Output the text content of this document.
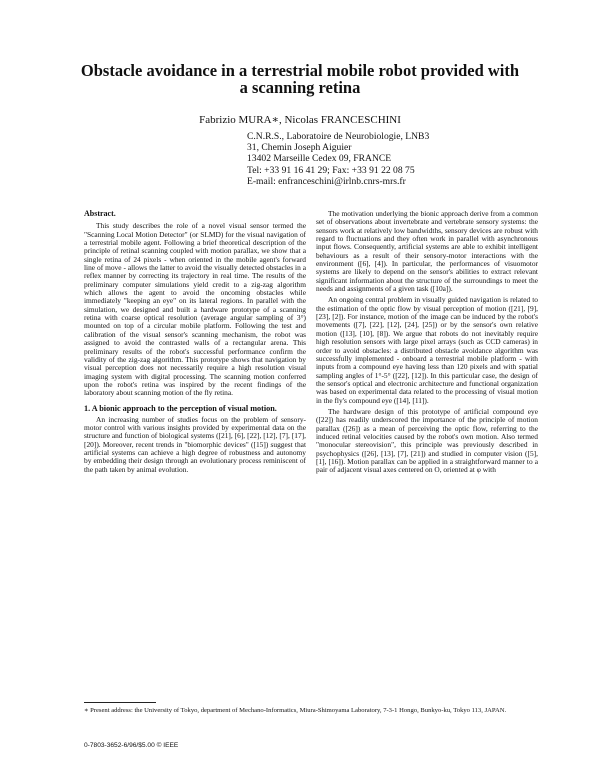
Obstacle avoidance in a terrestrial mobile robot provided with
a scanning retina
Fabrizio MURA∗, Nicolas FRANCESCHINI
C.N.R.S., Laboratoire de Neurobiologie, LNB3
31, Chemin Joseph Aiguier
13402 Marseille Cedex 09, FRANCE
Tel: +33 91 16 41 29; Fax: +33 91 22 08 75
E-mail: enfranceschini@irlnb.cnrs-mrs.fr
Abstract.

This study describes the role of a novel visual sensor termed the "Scanning Local Motion Detector" (or SLMD) for the visual navigation of a terrestrial mobile agent. Following a brief theoretical description of the principle of retinal scanning coupled with motion parallax, we show that a single retina of 24 pixels - when oriented in the mobile agent's forward line of move - allows the latter to avoid the visually detected obstacles in a reflex manner by correcting its trajectory in real time. The results of the preliminary computer simulations yield credit to a zig-zag algorithm which allows the agent to avoid the oncoming obstacles while immediately "keeping an eye" on its lateral regions. In parallel with the simulation, we designed and built a hardware prototype of a scanning retina with coarse optical resolution (average angular sampling of 3°) mounted on top of a circular mobile platform. Following the test and calibration of the visual sensor's scanning mechanism, the robot was assigned to avoid the contrasted walls of a rectangular arena. This preliminary results of the robot's successful performance confirm the validity of the zig-zag algorithm. This prototype shows that navigation by visual perception does not necessarily require a high resolution visual imaging system with digital processing. The scanning motion conferred upon the robot's retina was inspired by the recent findings of the laboratory about scanning motion of the fly retina.

1. A bionic approach to the perception of visual motion.

An increasing number of studies focus on the problem of sensory-motor control with various insights provided by experimental data on the structure and function of biological systems ([21], [6], [22], [12], [7], [17], [20]). Moreover, recent trends in "biomorphic devices" ([15]) suggest that artificial systems can achieve a high degree of robustness and autonomy by embedding their design through an evolutionary process reminiscent of the path taken by animal evolution.

The motivation underlying the bionic approach derive from a common set of observations about invertebrate and vertebrate sensory systems: the sensors work at relatively low bandwidths, sensory devices are robust with regard to fluctuations and they often work in parallel with asynchronous input flows. Consequently, artificial systems are able to exhibit intelligent behaviours as a result of their sensory-motor interactions with the environment ([6], [4]). In particular, the performances of visuomotor systems are likely to depend on the sensor's abilities to extract relevant significant information about the structure of the surroundings to meet the needs and assignments of a given task ([10a]).

An ongoing central problem in visually guided navigation is related to the estimation of the optic flow by visual perception of motion ([21], [9], [23], [2]). For instance, motion of the image can be induced by the robot's movements ([7], [22], [12], [24], [25]) or by the sensor's own relative motion ([13], [10], [8]). We argue that robots do not inevitably require high resolution sensors with large pixel arrays (such as CCD cameras) in order to avoid obstacles: a distributed obstacle avoidance algorithm was successfully implemented - onboard a terrestrial mobile platform - with inputs from a compound eye having less than 120 pixels and with spatial sampling angles of 1°-5° ([22], [12]). In this particular case, the design of the sensor's optical and electronic architecture and functional organization was based on experimental data related to the processing of visual motion in the fly's compound eye ([14], [11]).

The hardware design of this prototype of artificial compound eye ([22]) has readily underscored the importance of the principle of motion parallax ([26]) as a mean of perceiving the optic flow, referring to the induced retinal velocities caused by the robot's own motion. Also termed "monocular stereovision", this principle was previously described in psychophysics ([26], [13], [7], [21]) and studied in computer vision ([5], [1], [16]). Motion parallax can be applied in a straightforward manner to a pair of adjacent visual axes centered on O, oriented at φ with

∗ Present address: the University of Tokyo, department of Mechano-Informatics, Miura-Shimoyama Laboratory, 7-3-1 Hongo, Bunkyo-ku, Tokyo 113, JAPAN.
0-7803-3652-6/96/$5.00 © IEEE
